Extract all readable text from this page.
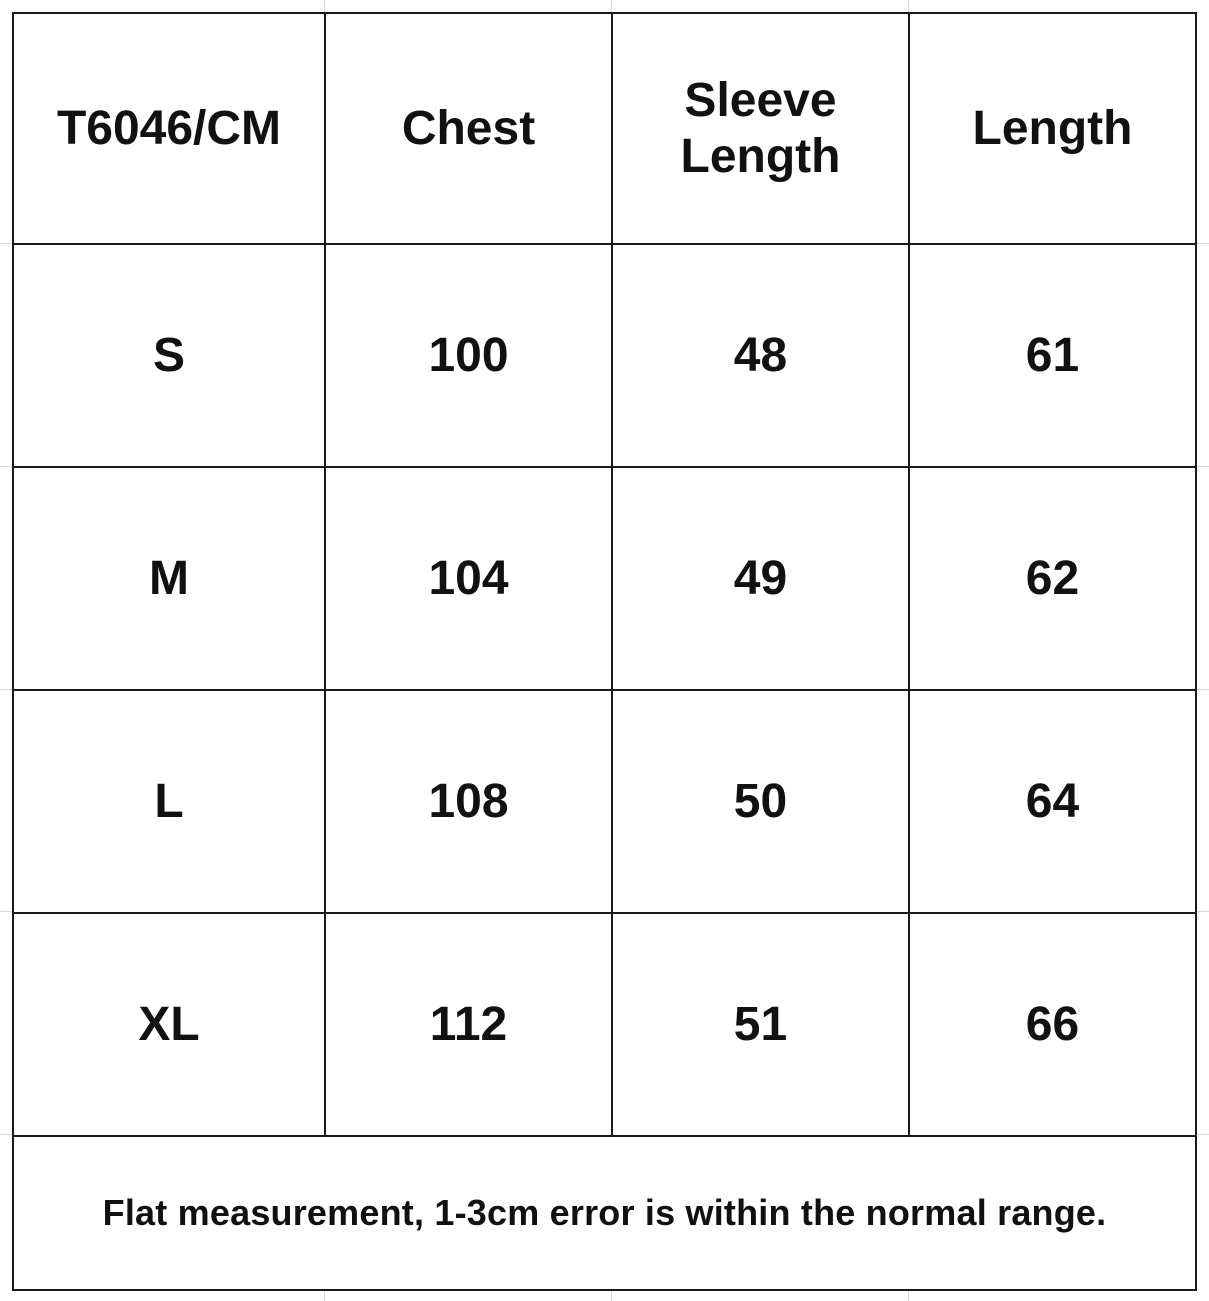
T6046/CM	Chest	Sleeve Length	Length
S	100	48	61
M	104	49	62
L	108	50	64
XL	112	51	66
Flat measurement, 1-3cm error is within the normal range.			
